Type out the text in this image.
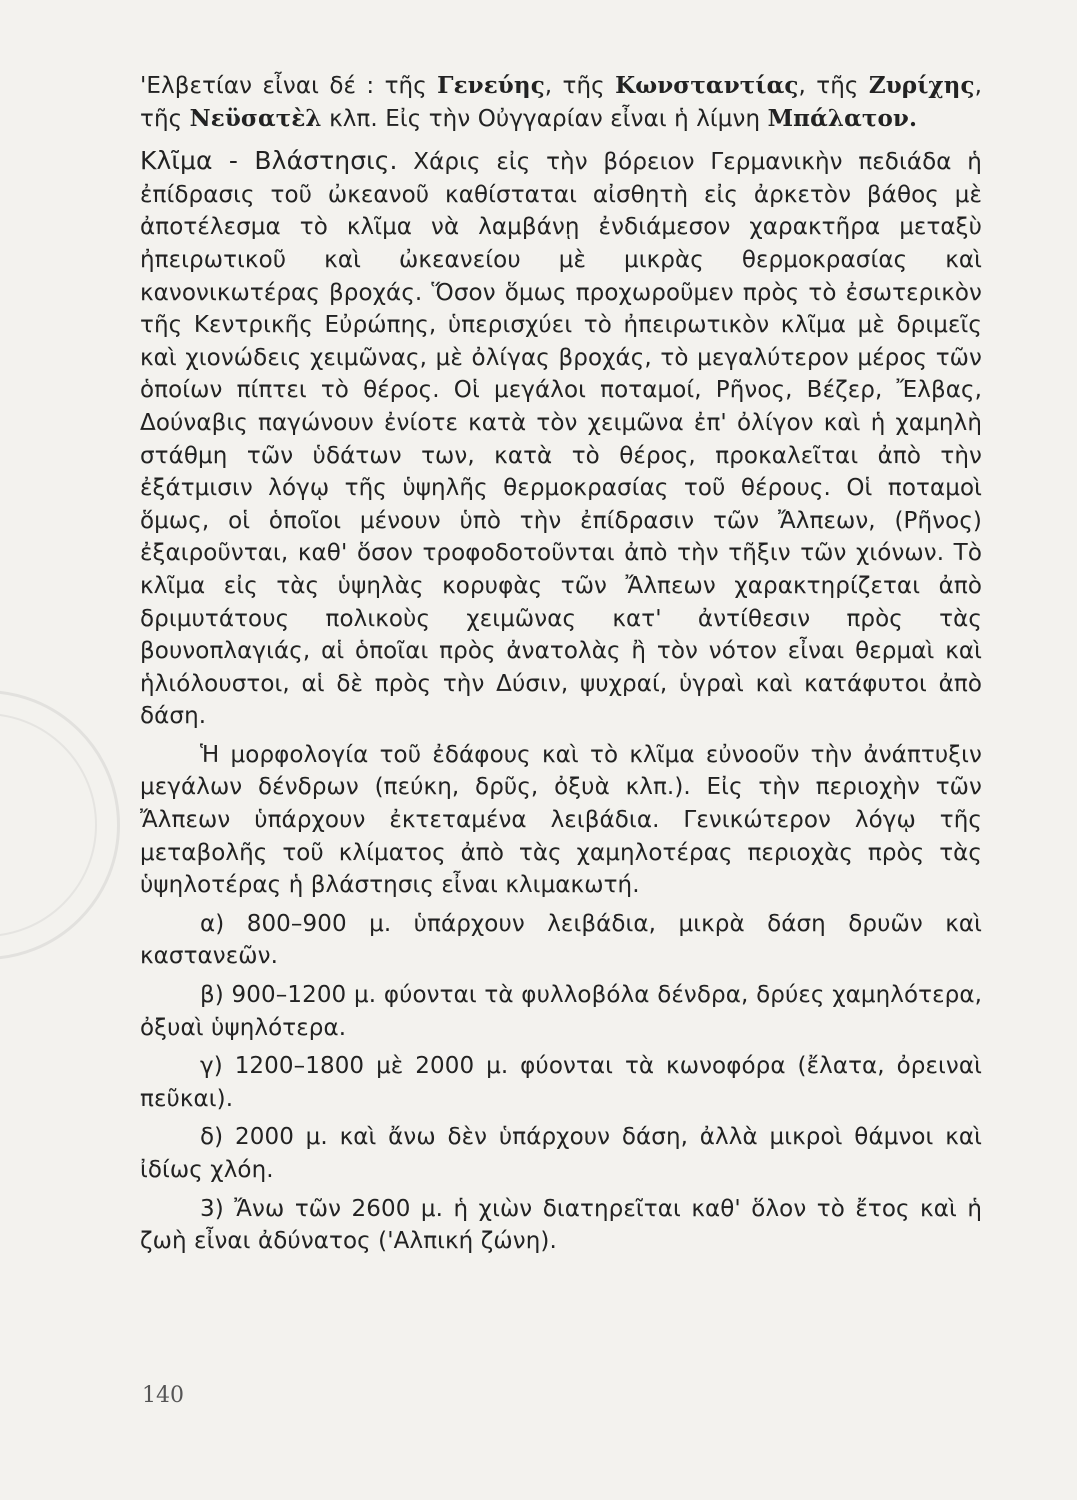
'Ελβετίαν εἶναι δέ : τῆς Γενεύης, τῆς Κωνσταντίας, τῆς Ζυρίχης, τῆς Νεϋσατὲλ κλπ. Εἰς τὴν Οὐγγαρίαν εἶναι ἡ λίμνη Μπάλατον.

Κλῖμα - Βλάστησις. Χάρις εἰς τὴν βόρειον Γερμανικὴν πεδιάδα ἡ ἐπίδρασις τοῦ ὠκεανοῦ καθίσταται αἰσθητὴ εἰς ἀρκετὸν βάθος μὲ ἀποτέλεσμα τὸ κλῖμα νὰ λαμβάνῃ ἐνδιάμεσον χαρακτῆρα μεταξὺ ἠπειρωτικοῦ καὶ ὠκεανείου μὲ μικρὰς θερμοκρασίας καὶ κανονικωτέρας βροχάς. Ὅσον ὅμως προχωροῦμεν πρὸς τὸ ἐσωτερικὸν τῆς Κεντρικῆς Εὐρώπης, ὑπερισχύει τὸ ἠπειρωτικὸν κλῖμα μὲ δριμεῖς καὶ χιονώδεις χειμῶνας, μὲ ὀλίγας βροχάς, τὸ μεγαλύτερον μέρος τῶν ὁποίων πίπτει τὸ θέρος. Οἱ μεγάλοι ποταμοί, Ρῆνος, Βέζερ, Ἔλβας, Δούναβις παγώνουν ἐνίοτε κατὰ τὸν χειμῶνα ἐπ' ὀλίγον καὶ ἡ χαμηλὴ στάθμη τῶν ὑδάτων των, κατὰ τὸ θέρος, προκαλεῖται ἀπὸ τὴν ἐξάτμισιν λόγῳ τῆς ὑψηλῆς θερμοκρασίας τοῦ θέρους. Οἱ ποταμοὶ ὅμως, οἱ ὁποῖοι μένουν ὑπὸ τὴν ἐπίδρασιν τῶν Ἄλπεων, (Ρῆνος) ἐξαιροῦνται, καθ' ὅσον τροφοδοτοῦνται ἀπὸ τὴν τῆξιν τῶν χιόνων. Τὸ κλῖμα εἰς τὰς ὑψηλὰς κορυφὰς τῶν Ἄλπεων χαρακτηρίζεται ἀπὸ δριμυτάτους πολικοὺς χειμῶνας κατ' ἀντίθεσιν πρὸς τὰς βουνοπλαγιάς, αἱ ὁποῖαι πρὸς ἀνατολὰς ἢ τὸν νότον εἶναι θερμαὶ καὶ ἡλιόλουστοι, αἱ δὲ πρὸς τὴν Δύσιν, ψυχραί, ὑγραὶ καὶ κατάφυτοι ἀπὸ δάση.

Ἡ μορφολογία τοῦ ἐδάφους καὶ τὸ κλῖμα εὐνοοῦν τὴν ἀνάπτυξιν μεγάλων δένδρων (πεύκη, δρῦς, ὀξυὰ κλπ.). Εἰς τὴν περιοχὴν τῶν Ἄλπεων ὑπάρχουν ἐκτεταμένα λειβάδια. Γενικώτερον λόγῳ τῆς μεταβολῆς τοῦ κλίματος ἀπὸ τὰς χαμηλοτέρας περιοχὰς πρὸς τὰς ὑψηλοτέρας ἡ βλάστησις εἶναι κλιμακωτή.

α) 800–900 μ. ὑπάρχουν λειβάδια, μικρὰ δάση δρυῶν καὶ καστανεῶν.

β) 900–1200 μ. φύονται τὰ φυλλοβόλα δένδρα, δρύες χαμηλότερα, ὀξυαὶ ὑψηλότερα.

γ) 1200–1800 μὲ 2000 μ. φύονται τὰ κωνοφόρα (ἔλατα, ὀρειναὶ πεῦκαι).

δ) 2000 μ. καὶ ἄνω δὲν ὑπάρχουν δάση, ἀλλὰ μικροὶ θάμνοι καὶ ἰδίως χλόη.

3) Ἄνω τῶν 2600 μ. ἡ χιὼν διατηρεῖται καθ' ὅλον τὸ ἔτος καὶ ἡ ζωὴ εἶναι ἀδύνατος ('Αλπική ζώνη).

140
